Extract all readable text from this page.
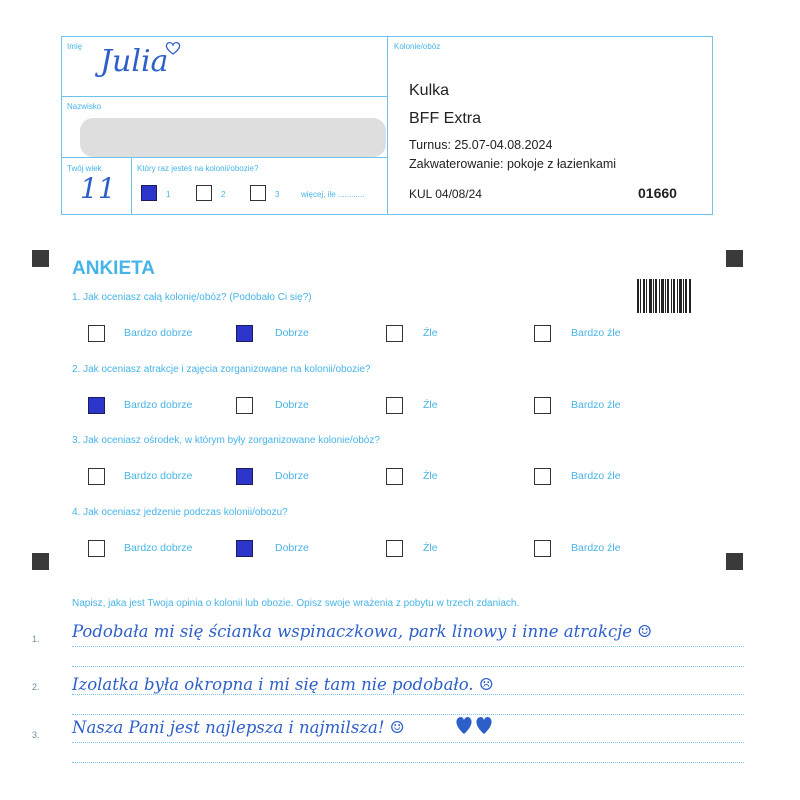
Imię Julia
Nazwisko
Twój wiek
11
Który raz jesteś na kolonii/obozie?
1	2	3	więcej, ile ............
Kolonie/obóz
Kulka
BFF Extra
Turnus: 25.07-04.08.2024
Zakwaterowanie: pokoje z łazienkami
KUL 04/08/24	01660
ANKIETA
1. Jak oceniasz całą kolonię/obóz? (Podobało Ci się?)
Bardzo dobrze	Dobrze	Źle	Bardzo źle
2. Jak oceniasz atrakcje i zajęcia zorganizowane na kolonii/obozie?
Bardzo dobrze	Dobrze	Źle	Bardzo źle
3. Jak oceniasz ośrodek, w którym były zorganizowane kolonie/obóz?
Bardzo dobrze	Dobrze	Źle	Bardzo źle
4. Jak oceniasz jedzenie podczas kolonii/obozu?
Bardzo dobrze	Dobrze	Źle	Bardzo źle
Napisz, jaka jest Twoja opinia o kolonii lub obozie. Opisz swoje wrażenia z pobytu w trzech zdaniach.
1. Podobała mi się ścianka wspinaczkowa, park linowy i inne atrakcje ☺
2. Izolatka była okropna i mi się tam nie podobało. ☹
3. Nasza Pani jest najlepsza i najmilsza! ☺
